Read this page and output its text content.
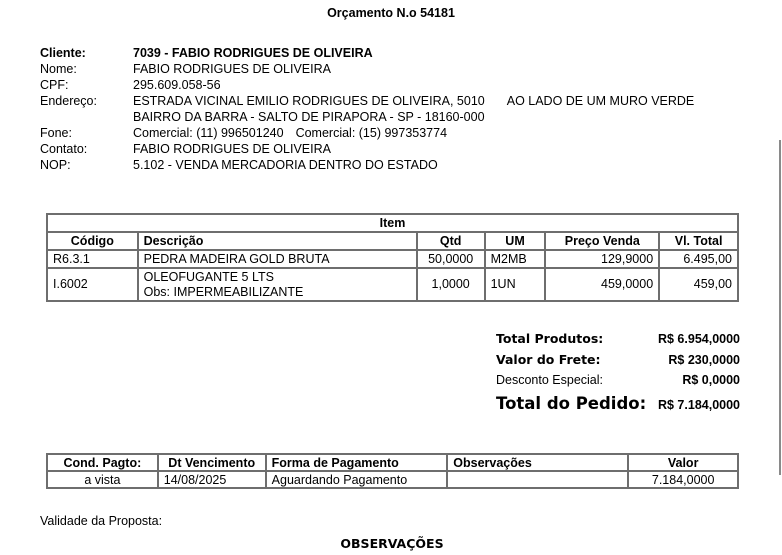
Orçamento N.o 54181
Cliente:	7039 - FABIO RODRIGUES DE OLIVEIRA
Nome:	FABIO RODRIGUES DE OLIVEIRA
CPF:	295.609.058-56
Endereço:	ESTRADA VICINAL EMILIO RODRIGUES DE OLIVEIRA, 5010 AO LADO DE UM MURO VERDE
BAIRRO DA BARRA - SALTO DE PIRAPORA - SP - 18160-000
Fone:	Comercial: (11) 996501240 Comercial: (15) 997353774
Contato:	FABIO RODRIGUES DE OLIVEIRA
NOP:	5.102 - VENDA MERCADORIA DENTRO DO ESTADO
Item					
Código	Descrição	Qtd	UM	Preço Venda	Vl. Total
R6.3.1	PEDRA MADEIRA GOLD BRUTA	50,0000	M2MB	129,9000	6.495,00
I.6002	OLEOFUGANTE 5 LTS
Obs: IMPERMEABILIZANTE	1,0000	1UN	459,0000	459,00
Total Produtos:	R$ 6.954,0000
Valor do Frete:	R$ 230,0000
Desconto Especial:	R$ 0,0000
Total do Pedido: R$ 7.184,0000
Cond. Pagto:	Dt Vencimento	Forma de Pagamento	Observações	Valor
a vista	14/08/2025	Aguardando Pagamento		7.184,0000
Validade da Proposta:
OBSERVAÇÕES
